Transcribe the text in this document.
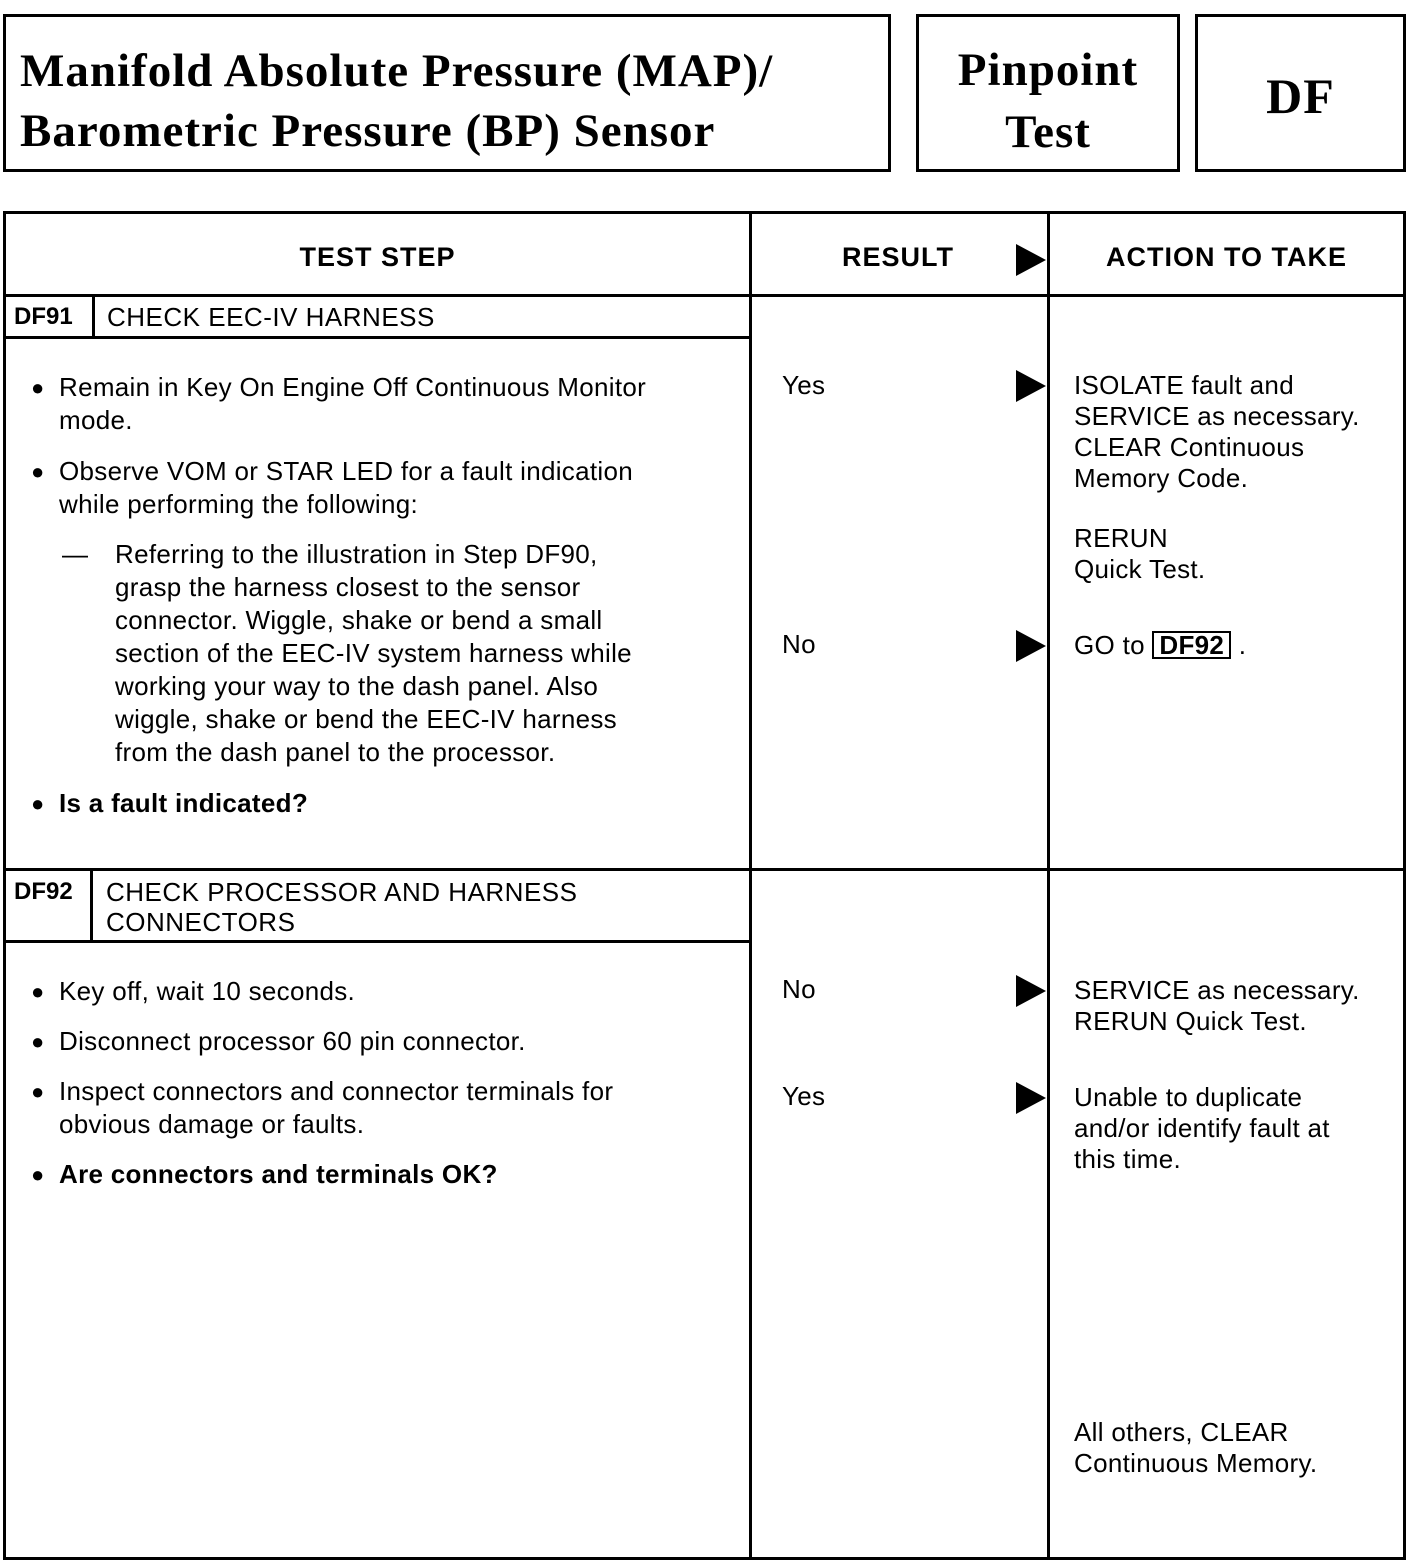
Manifold Absolute Pressure (MAP)/
Barometric Pressure (BP) Sensor
Pinpoint
Test
DF
TEST STEP	RESULT	ACTION TO TAKE
DF91 CHECK EEC-IV HARNESS
● Remain in Key On Engine Off Continuous Monitor
mode.
● Observe VOM or STAR LED for a fault indication
while performing the following:
— Referring to the illustration in Step DF90,
grasp the harness closest to the sensor
connector. Wiggle, shake or bend a small
section of the EEC-IV system harness while
working your way to the dash panel. Also
wiggle, shake or bend the EEC-IV harness
from the dash panel to the processor.
● Is a fault indicated?
Yes	ISOLATE fault and
SERVICE as necessary.
CLEAR Continuous
Memory Code.
RERUN
Quick Test.
No	GO to DF92 .
DF92 CHECK PROCESSOR AND HARNESS
CONNECTORS
● Key off, wait 10 seconds.
● Disconnect processor 60 pin connector.
● Inspect connectors and connector terminals for
obvious damage or faults.
● Are connectors and terminals OK?
No	SERVICE as necessary.
RERUN Quick Test.
Yes	Unable to duplicate
and/or identify fault at
this time.
All others, CLEAR
Continuous Memory.
